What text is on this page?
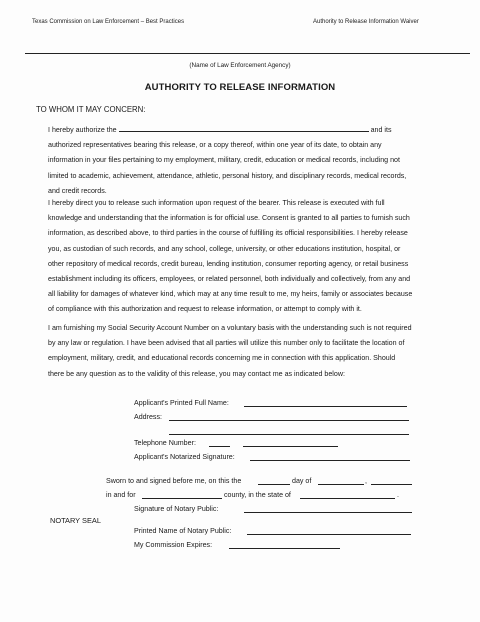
Texas Commission on Law Enforcement – Best Practices	Authority to Release Information Waiver
(Name of Law Enforcement Agency)
AUTHORITY TO RELEASE INFORMATION
TO WHOM IT MAY CONCERN:

I hereby authorize the	and its authorized representatives bearing this release, or a copy thereof, within one year of its date, to obtain any information in your files pertaining to my employment, military, credit, education or medical records, including not limited to academic, achievement, attendance, athletic, personal history, and disciplinary records, medical records, and credit records.

I hereby direct you to release such information upon request of the bearer. This release is executed with full knowledge and understanding that the information is for official use. Consent is granted to all parties to furnish such information, as described above, to third parties in the course of fulfilling its official responsibilities. I hereby release you, as custodian of such records, and any school, college, university, or other educations institution, hospital, or other repository of medical records, credit bureau, lending institution, consumer reporting agency, or retail business establishment including its officers, employees, or related personnel, both individually and collectively, from any and all liability for damages of whatever kind, which may at any time result to me, my heirs, family or associates because of compliance with this authorization and request to release information, or attempt to comply with it.

I am furnishing my Social Security Account Number on a voluntary basis with the understanding such is not required by any law or regulation. I have been advised that all parties will utilize this number only to facilitate the location of employment, military, credit, and educational records concerning me in connection with this application. Should there be any question as to the validity of this release, you may contact me as indicated below:

Applicant's Printed Full Name:
Address:
Telephone Number:
Applicant's Notarized Signature:
Sworn to and signed before me, on this the	day of	,
in and for	county, in the state of	.
Signature of Notary Public:
NOTARY SEAL
Printed Name of Notary Public:
My Commission Expires:
